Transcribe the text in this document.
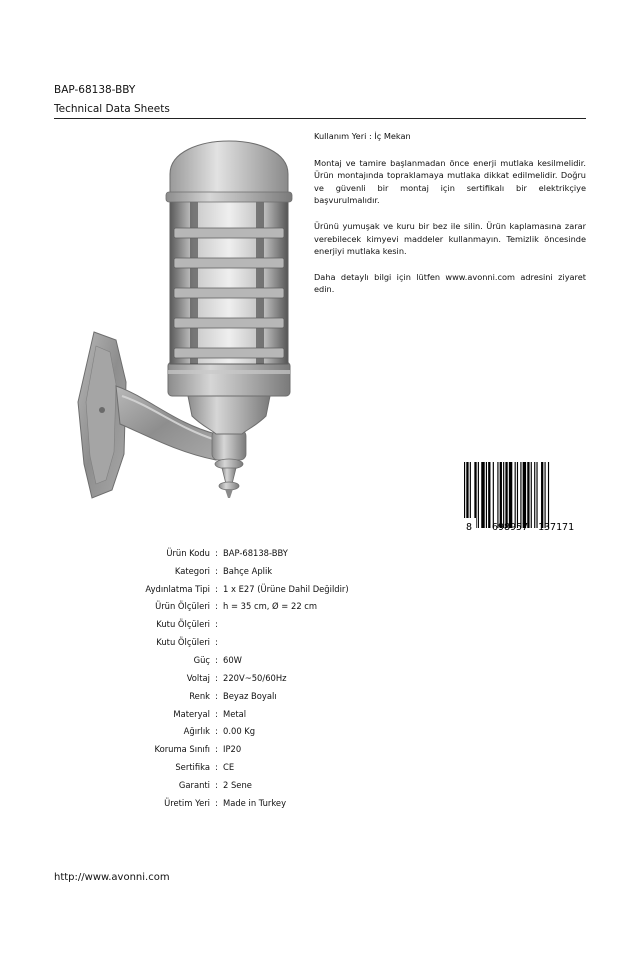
BAP-68138-BBY
Technical Data Sheets

Kullanım Yeri : İç Mekan

Montaj ve tamire başlanmadan önce enerji mutlaka kesilmelidir. Ürün montajında topraklamaya mutlaka dikkat edilmelidir. Doğru ve güvenli bir montaj için sertifikalı bir elektrikçiye başvurulmalıdır.

Ürünü yumuşak ve kuru bir bez ile silin. Ürün kaplamasına zarar verebilecek kimyevi maddeler kullanmayın. Temizlik öncesinde enerjiyi mutlaka kesin.

Daha detaylı bilgi için lütfen www.avonni.com adresini ziyaret edin.

8 698957 137171
Ürün Kodu : BAP-68138-BBY
Kategori : Bahçe Aplik
Aydınlatma Tipi : 1 x E27 (Ürüne Dahil Değildir)
Ürün Ölçüleri : h = 35 cm, Ø = 22 cm
Kutu Ölçüleri :
Kutu Ölçüleri :
Güç : 60W
Voltaj : 220V~50/60Hz
Renk : Beyaz Boyalı
Materyal : Metal
Ağırlık : 0.00 Kg
Koruma Sınıfı : IP20
Sertifika : CE
Garanti : 2 Sene
Üretim Yeri : Made in Turkey
http://www.avonni.com
